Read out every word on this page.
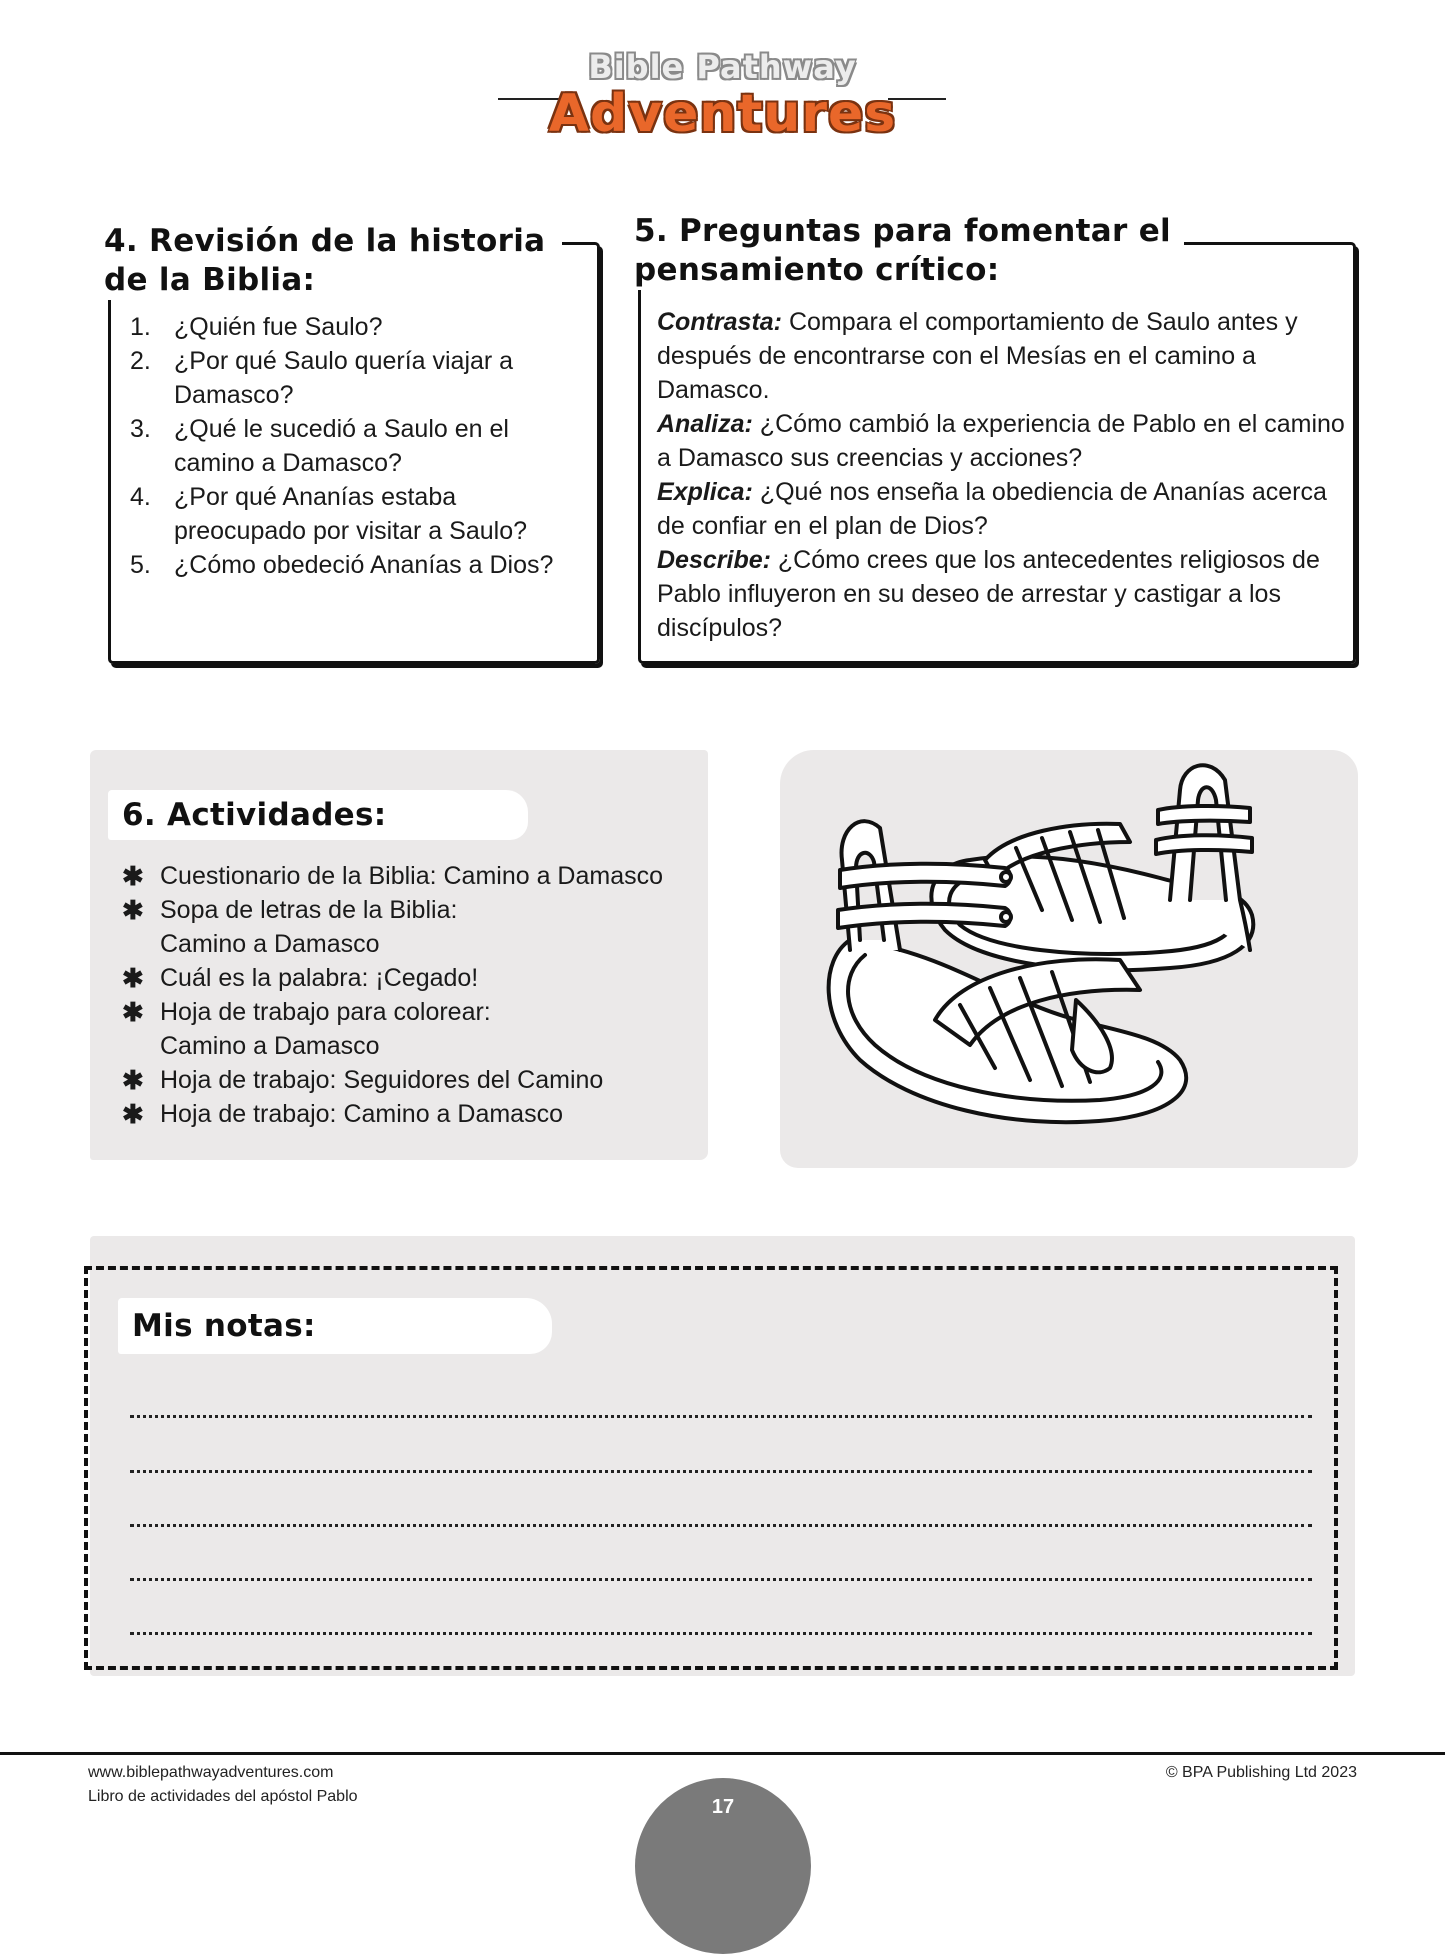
Bible Pathway
Adventures
4. Revisión de la historia de la Biblia:
1. ¿Quién fue Saulo?
2. ¿Por qué Saulo quería viajar a Damasco?
3. ¿Qué le sucedió a Saulo en el camino a Damasco?
4. ¿Por qué Ananías estaba preocupado por visitar a Saulo?
5. ¿Cómo obedeció Ananías a Dios?
5. Preguntas para fomentar el pensamiento crítico:

Contrasta: Compara el comportamiento de Saulo antes y después de encontrarse con el Mesías en el camino a Damasco.

Analiza: ¿Cómo cambió la experiencia de Pablo en el camino a Damasco sus creencias y acciones?

Explica: ¿Qué nos enseña la obediencia de Ananías acerca de confiar en el plan de Dios?

Describe: ¿Cómo crees que los antecedentes religiosos de Pablo influyeron en su deseo de arrestar y castigar a los discípulos?

6. Actividades:
✱ Cuestionario de la Biblia: Camino a Damasco
✱ Sopa de letras de la Biblia:
Camino a Damasco
✱ Cuál es la palabra: ¡Cegado!
✱ Hoja de trabajo para colorear:
Camino a Damasco
✱ Hoja de trabajo: Seguidores del Camino
✱ Hoja de trabajo: Camino a Damasco
Mis notas:
www.biblepathwayadventures.com
Libro de actividades del apóstol Pablo
© BPA Publishing Ltd 2023
17
